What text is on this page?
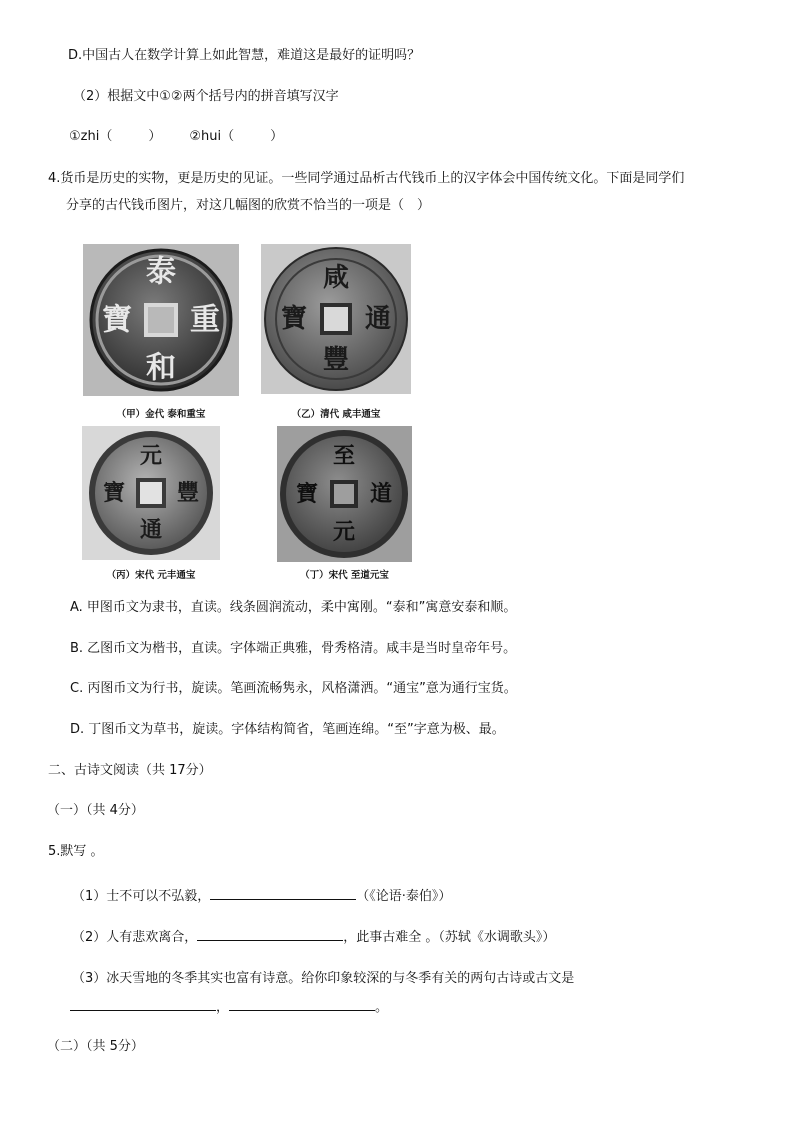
D.中国古人在数学计算上如此智慧，难道这是最好的证明吗？
（2）根据文中①②两个括号内的拼音填写汉字
①zhi（	） ②hui（	）
4.货币是历史的实物，更是历史的见证。一些同学通过品析古代钱币上的汉字体会中国传统文化。下面是同学们
分享的古代钱币图片，对这几幅图的欣赏不恰当的一项是（　）
泰
和
寶 重
（甲）金代 泰和重宝
咸
豐
寶 通
（乙）清代 咸丰通宝
元
通
寶 豐
（丙）宋代 元丰通宝
至
元
寶 道
（丁）宋代 至道元宝
A. 甲图币文为隶书，直读。线条圆润流动，柔中寓刚。“泰和”寓意安泰和顺。
B. 乙图币文为楷书，直读。字体端正典雅，骨秀格清。咸丰是当时皇帝年号。
C. 丙图币文为行书，旋读。笔画流畅隽永，风格潇洒。“通宝”意为通行宝货。
D. 丁图币文为草书，旋读。字体结构简省，笔画连绵。“至”字意为极、最。
二、古诗文阅读（共 17分）
（一）（共 4分）
5.默写 。
（1）士不可以不弘毅，	（《论语·泰伯》）
（2）人有悲欢离合，	，此事古难全 。（苏轼《水调歌头》）
（3）冰天雪地的冬季其实也富有诗意。给你印象较深的与冬季有关的两句古诗或古文是
，	。
（二）（共 5分）
